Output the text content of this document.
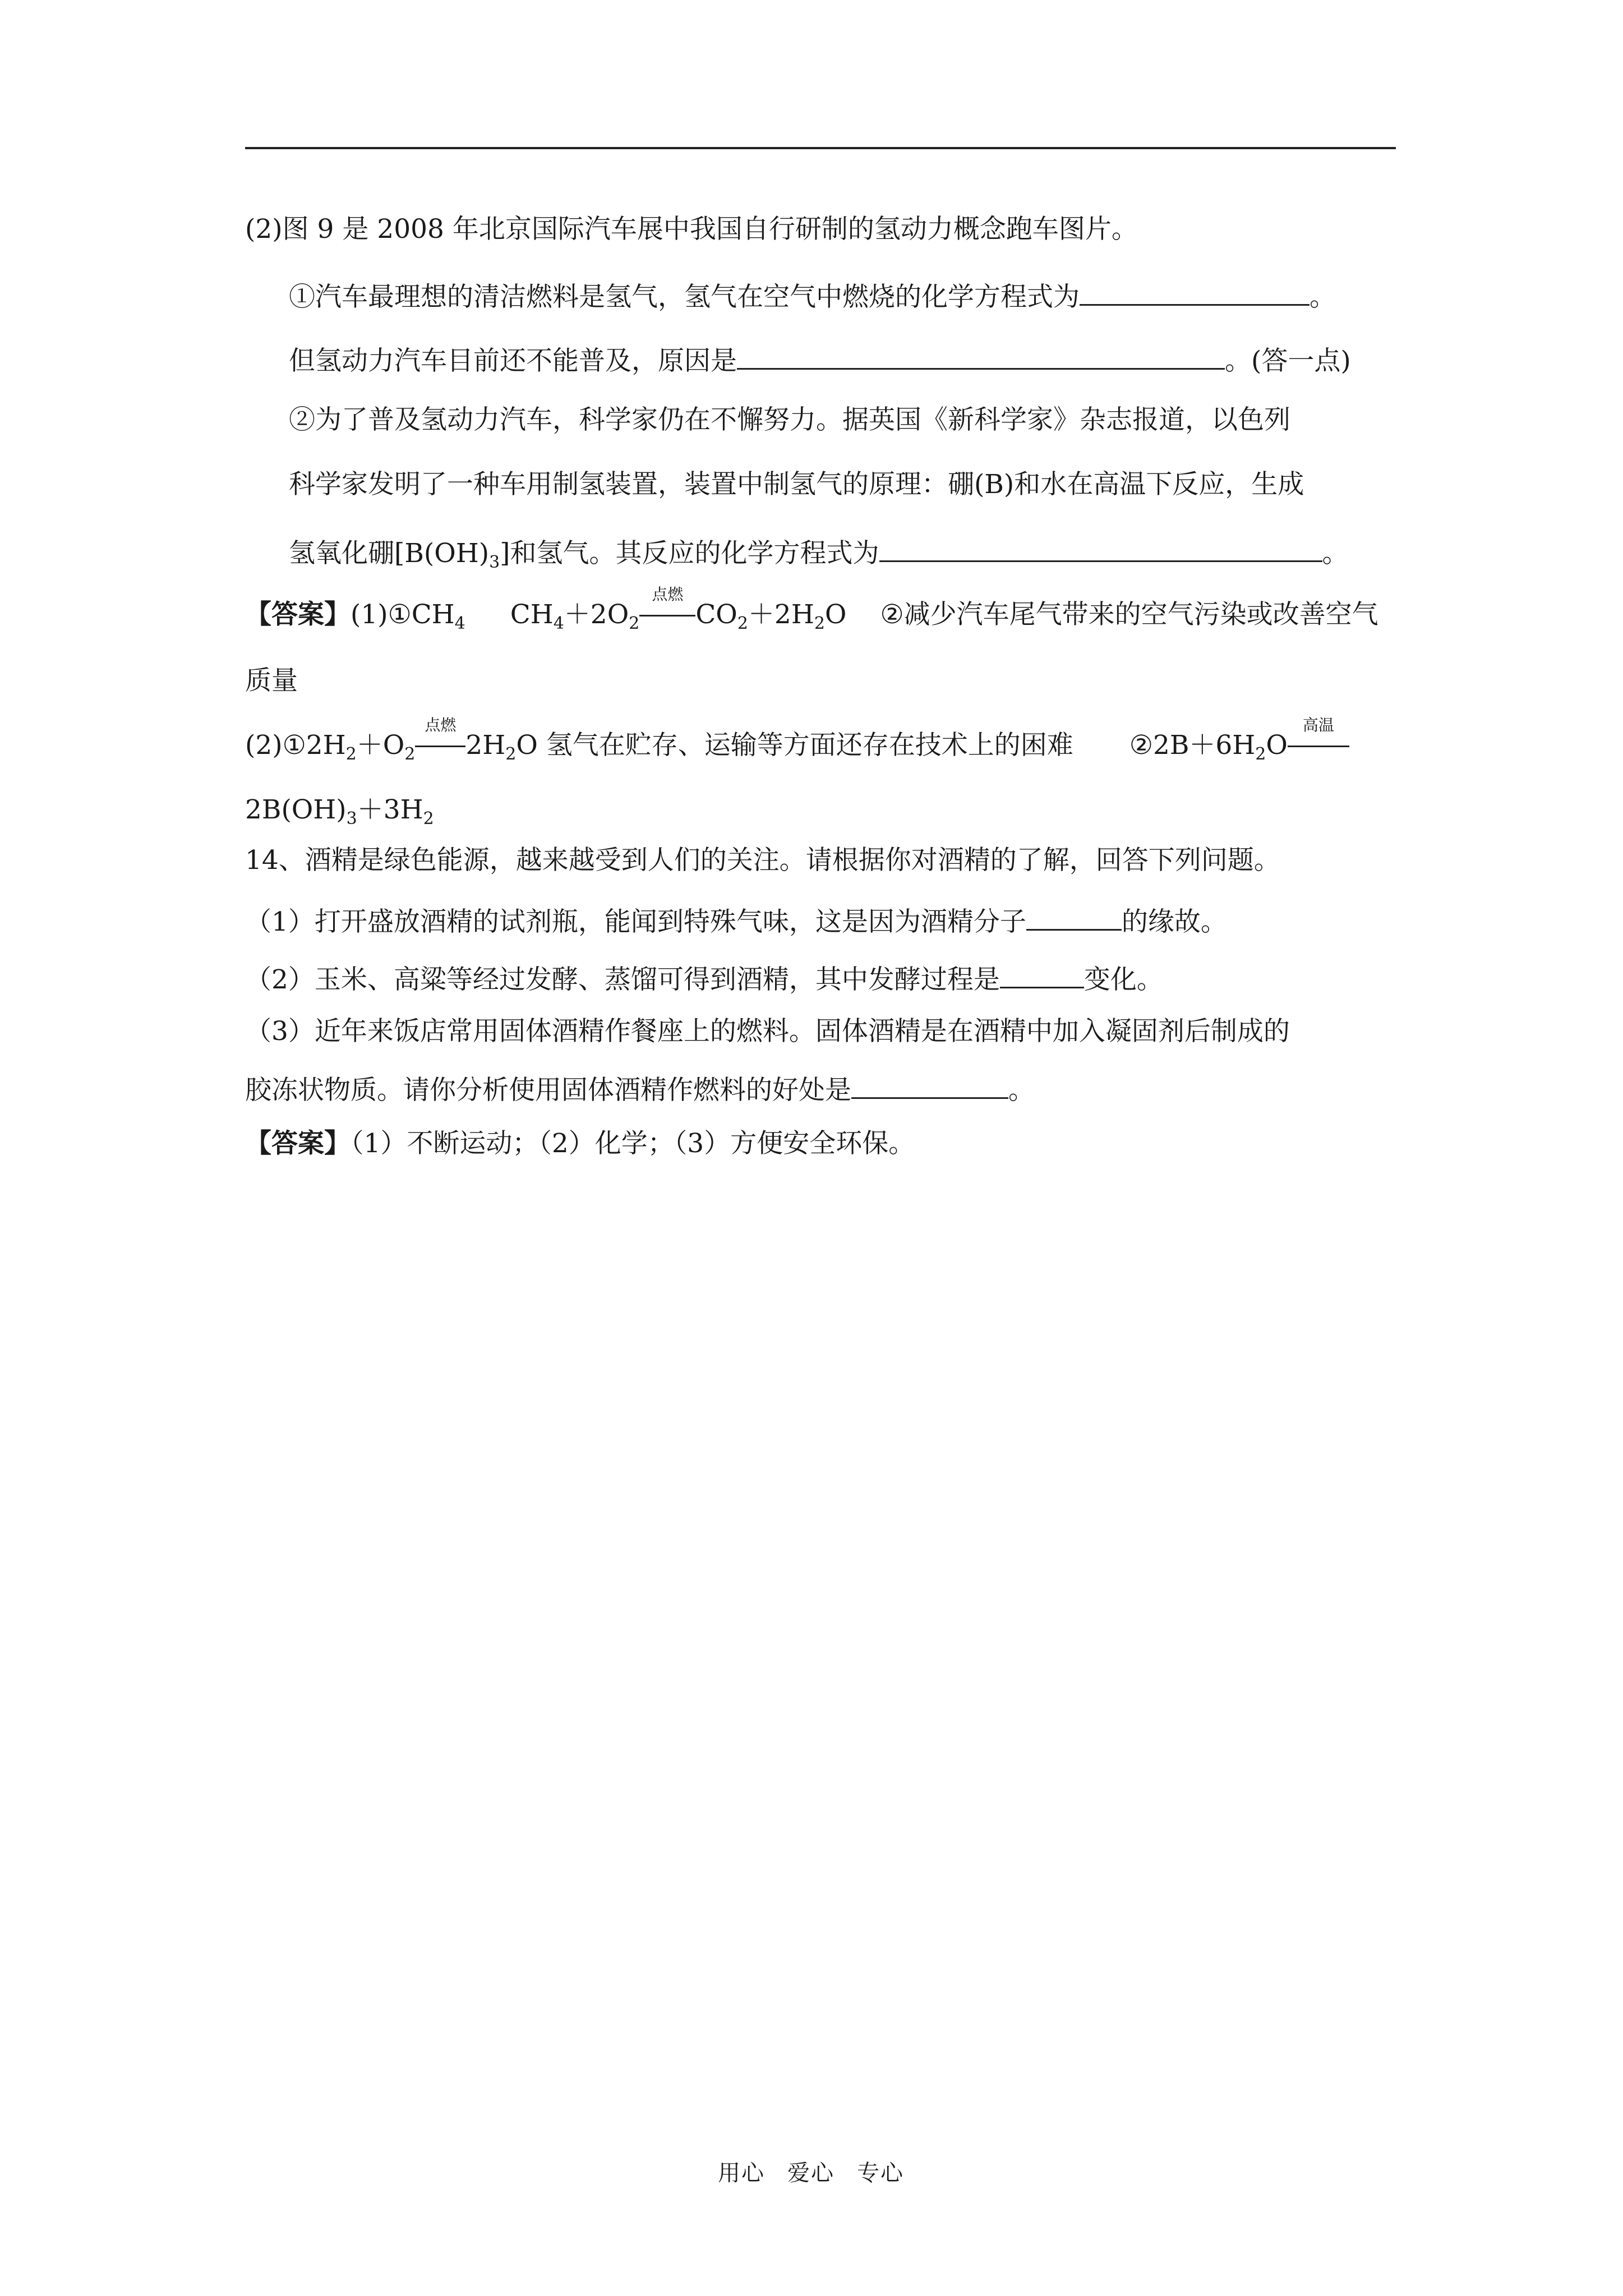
(2)图 9 是 2008 年北京国际汽车展中我国自行研制的氢动力概念跑车图片。
①汽车最理想的清洁燃料是氢气，氢气在空气中燃烧的化学方程式为	。
但氢动力汽车目前还不能普及，原因是	。(答一点)
②为了普及氢动力汽车，科学家仍在不懈努力。据英国《新科学家》杂志报道，以色列
科学家发明了一种车用制氢装置，装置中制氢气的原理：硼(B)和水在高温下反应，生成
氢氧化硼$[B(OH)_3]$和氢气。其反应的化学方程式为	。
【答案】$(1)①CH_4$ $CH_4+2O_2$
点燃
$CO_2+2H_2O$ ②减少汽车尾气带来的空气污染或改善空气
质量
$(2)①2H_2+O_2$
点燃
$2H_2O$ 氢气在贮存、运输等方面还存在技术上的困难 $②2B+6H_2O$
高温
$2B(OH)_3+3H_2$
14、酒精是绿色能源，越来越受到人们的关注。请根据你对酒精的了解，回答下列问题。
（1）打开盛放酒精的试剂瓶，能闻到特殊气味，这是因为酒精分子	的缘故。
（2）玉米、高粱等经过发酵、蒸馏可得到酒精，其中发酵过程是	变化。
（3）近年来饭店常用固体酒精作餐座上的燃料。固体酒精是在酒精中加入凝固剂后制成的
胶冻状物质。请你分析使用固体酒精作燃料的好处是	。
【答案】（1）不断运动；（2）化学；（3）方便安全环保。
用心 爱心 专心
